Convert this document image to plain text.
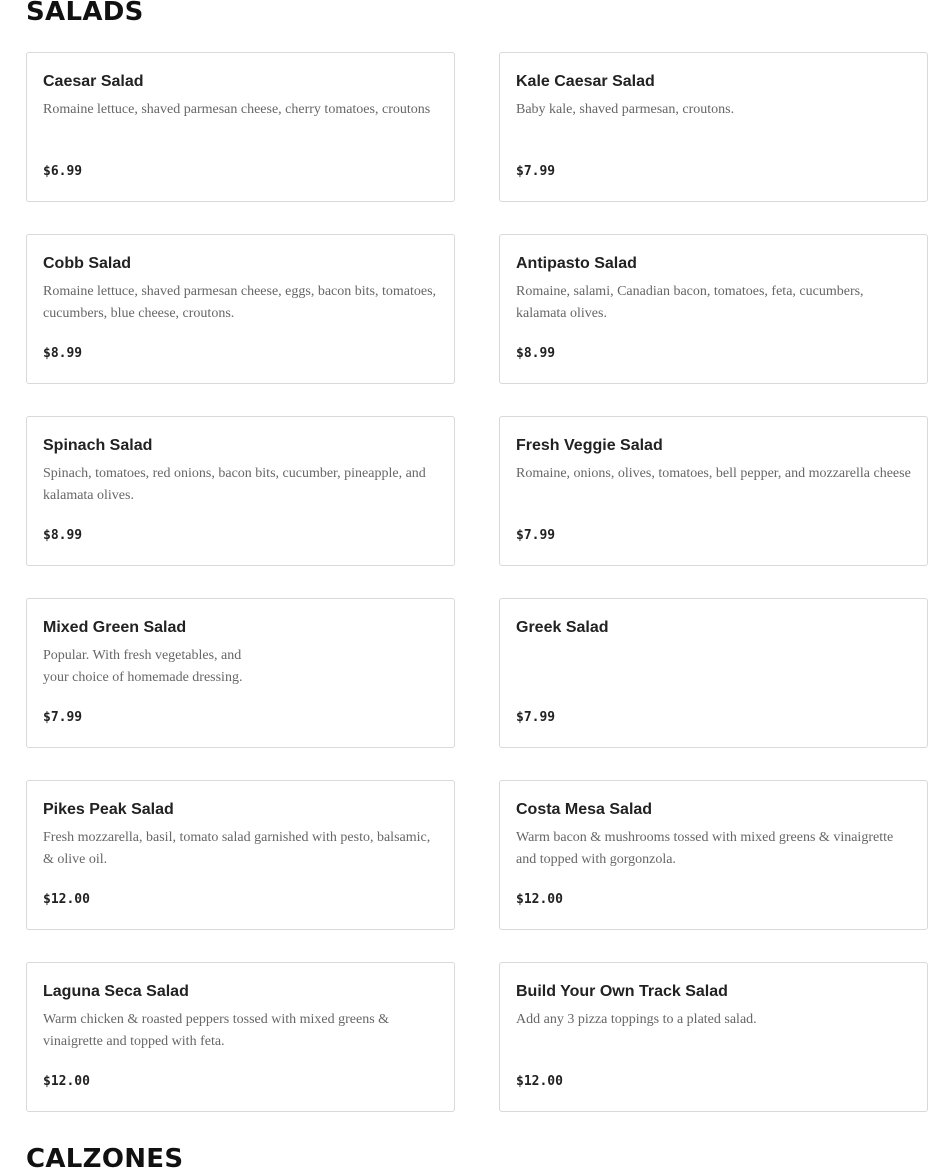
SALADS
Caesar Salad
Romaine lettuce, shaved parmesan cheese, cherry tomatoes, croutons
$6.99
Kale Caesar Salad
Baby kale, shaved parmesan, croutons.
$7.99
Cobb Salad
Romaine lettuce, shaved parmesan cheese, eggs, bacon bits, tomatoes, cucumbers, blue cheese, croutons.
$8.99
Antipasto Salad
Romaine, salami, Canadian bacon, tomatoes, feta, cucumbers, kalamata olives.
$8.99
Spinach Salad
Spinach, tomatoes, red onions, bacon bits, cucumber, pineapple, and kalamata olives.
$8.99
Fresh Veggie Salad
Romaine, onions, olives, tomatoes, bell pepper, and mozzarella cheese
$7.99
Mixed Green Salad
Popular. With fresh vegetables, and
your choice of homemade dressing.
$7.99
Greek Salad
$7.99
Pikes Peak Salad
Fresh mozzarella, basil, tomato salad garnished with pesto, balsamic, & olive oil.
$12.00
Costa Mesa Salad
Warm bacon & mushrooms tossed with mixed greens & vinaigrette and topped with gorgonzola.
$12.00
Laguna Seca Salad
Warm chicken & roasted peppers tossed with mixed greens & vinaigrette and topped with feta.
$12.00
Build Your Own Track Salad
Add any 3 pizza toppings to a plated salad.
$12.00
CALZONES
